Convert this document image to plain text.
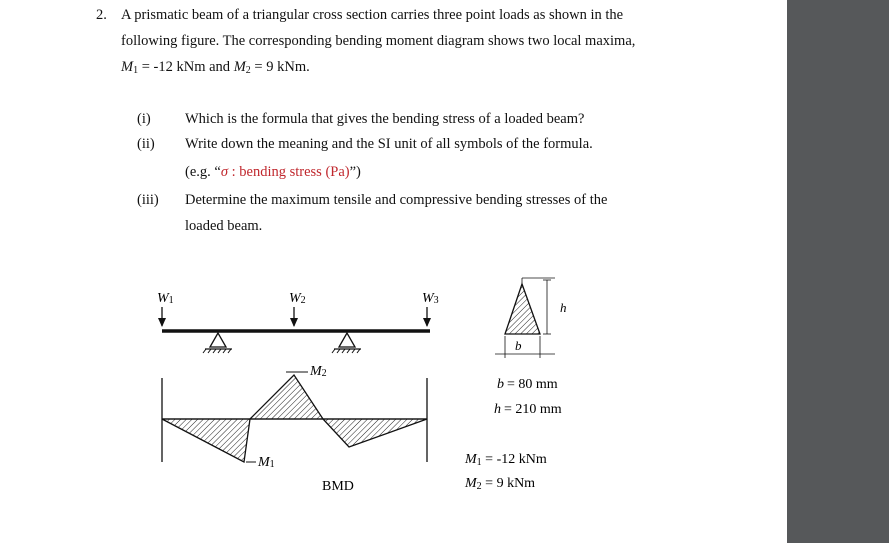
2. A prismatic beam of a triangular cross section carries three point loads as shown in the
following figure. The corresponding bending moment diagram shows two local maxima,
$M_1 = -12$ kNm and $M_2 = 9$ kNm.
(i) Which is the formula that gives the bending stress of a loaded beam?
(ii) Write down the meaning and the SI unit of all symbols of the formula.
(e.g. “σ : bending stress (Pa)”)
(iii) Determine the maximum tensile and compressive bending stresses of the
loaded beam.
W1	W2	W3
M2
M1
BMD
b
h
b = 80 mm
h = 210 mm
M1 = -12 kNm
M2 = 9 kNm
